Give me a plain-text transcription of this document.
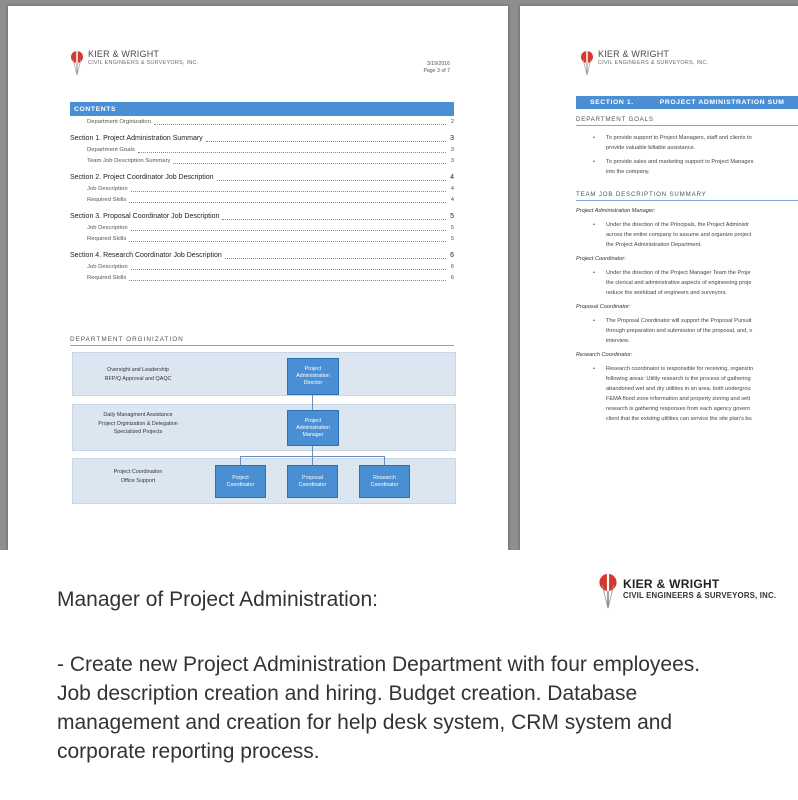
KIER & WRIGHT
CIVIL ENGINEERS & SURVEYORS, INC.	3/19/2016
Page 3 of 7
CONTENTS
Department Orginization	2
Section 1. Project Administration Summary	3
Department Goals	3
Team Job Description Summary	3
Section 2. Project Coordinator Job Description	4
Job Description	4
Required Skills	4
Section 3. Proposal Coordinator Job Description	5
Job Description	5
Required Skills	5
Section 4. Research Coordinator Job Description	6
Job Description	6
Required Skills	6
DEPARTMENT ORGINIZATION
Oversight and Leadership
RFP/Q Approval and QAQC
Daily Managment Assistance
Project Orginization & Delegation
Specialized Projects
Project Coordination
Office Support
Project
Administration
Director
Project
Administration
Manager
Project
Coordinator
Proposal
Coordinator
Research
Coordinator
KIER & WRIGHT
CIVIL ENGINEERS & SURVEYORS, INC.
SECTION 1.	PROJECT ADMINISTRATION SUM
DEPARTMENT GOALS
• To provide support to Project Managers, staff and clients to
provide valuable billable assistance.
• To provide sales and marketing support to Project Manages
into the company.
TEAM JOB DESCRIPTION SUMMARY
Project Administration Manager:
• Under the direction of the Principals, the Project Administr
across the entire company to assume and organize project
the Project Administration Department.
Project Coordinator:
• Under the direction of the Project Manager Team the Proje
the clerical and administrative aspects of engineering proje
reduce the workload of engineers and surveyors.
Proposal Coordinator:
• The Proposal Coordinator will support the Proposal Pursuit
through preparation and submission of the proposal, and, v
interview.
Research Coordinator:
• Research coordinator is responsible for receiving, organizin
following areas: Utility research is the process of gathering
abandoned wet and dry utilities in an area, both undergrou
FEMA flood zone information and property zoning and sett
research is gathering responses from each agency govern
client that the existing utilities can service the site plan's bu
KIER & WRIGHT
CIVIL ENGINEERS & SURVEYORS, INC.
Manager of Project Administration:
- Create new Project Administration Department with four employees. Job description creation and hiring. Budget creation. Database management and creation for help desk system, CRM system and corporate reporting process.
